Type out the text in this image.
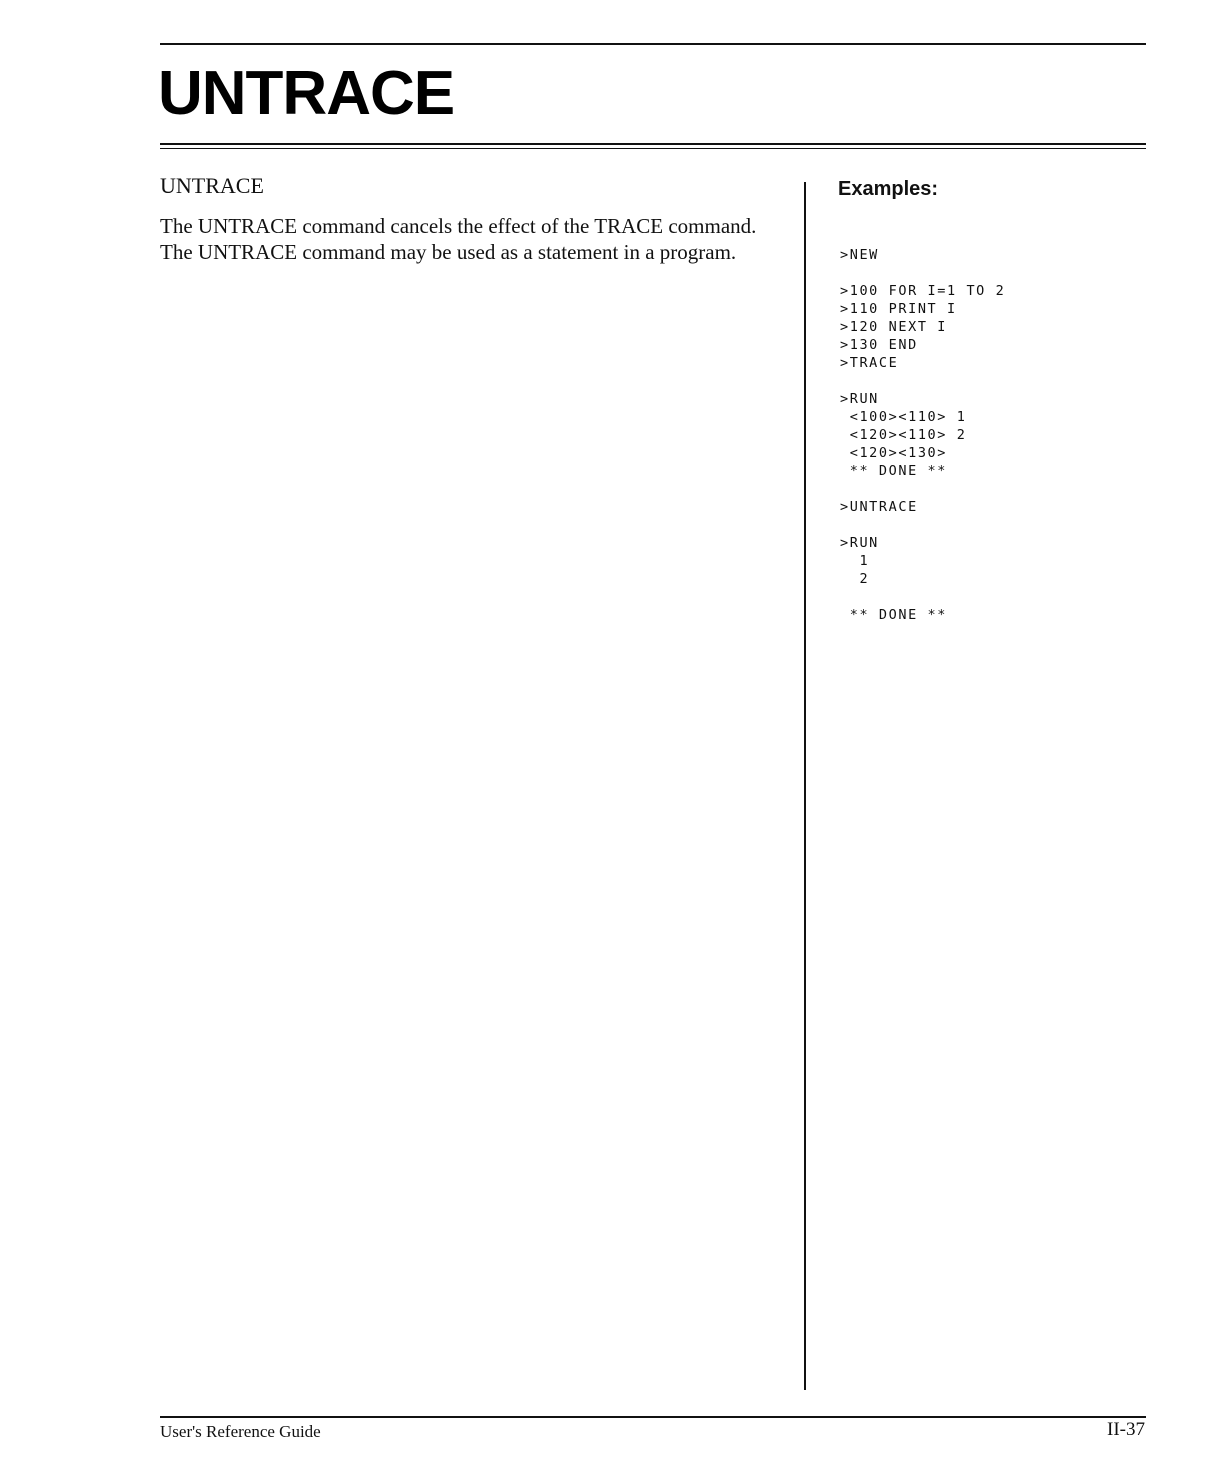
UNTRACE

UNTRACE

The UNTRACE command cancels the effect of the TRACE command. The UNTRACE command may be used as a statement in a program.

Examples:
>NEW
>100 FOR I=1 TO 2
>110 PRINT I
>120 NEXT I
>130 END
>TRACE
>RUN
<100><110> 1
<120><110> 2
<120><130>
** DONE **
>UNTRACE
>RUN
1
2
** DONE **

User's Reference Guide	II-37
